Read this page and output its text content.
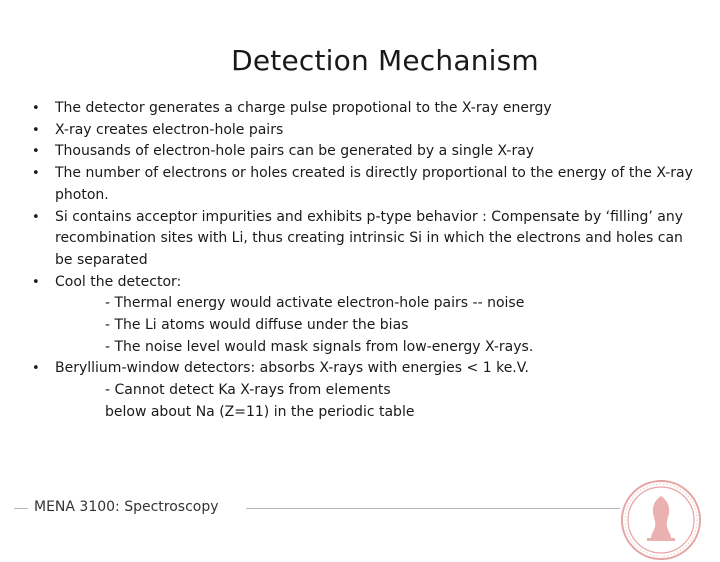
Detection Mechanism
• The detector generates a charge pulse propotional to the X-ray energy
• X-ray creates electron-hole pairs
• Thousands of electron-hole pairs can be generated by a single X-ray
• The number of electrons or holes created is directly proportional to the energy of the X-ray photon.
• Si contains acceptor impurities and exhibits p-type behavior : Compensate by ‘filling’ any recombination sites with Li, thus creating intrinsic Si in which the electrons and holes can be separated
• Cool the detector:
- Thermal energy would activate electron-hole pairs -- noise
- The Li atoms would diffuse under the bias
- The noise level would mask signals from low-energy X-rays.
• Beryllium-window detectors: absorbs X-rays with energies < 1 ke.V.
- Cannot detect Ka X-rays from elements
below about Na (Z=11) in the periodic table
MENA 3100: Spectroscopy
